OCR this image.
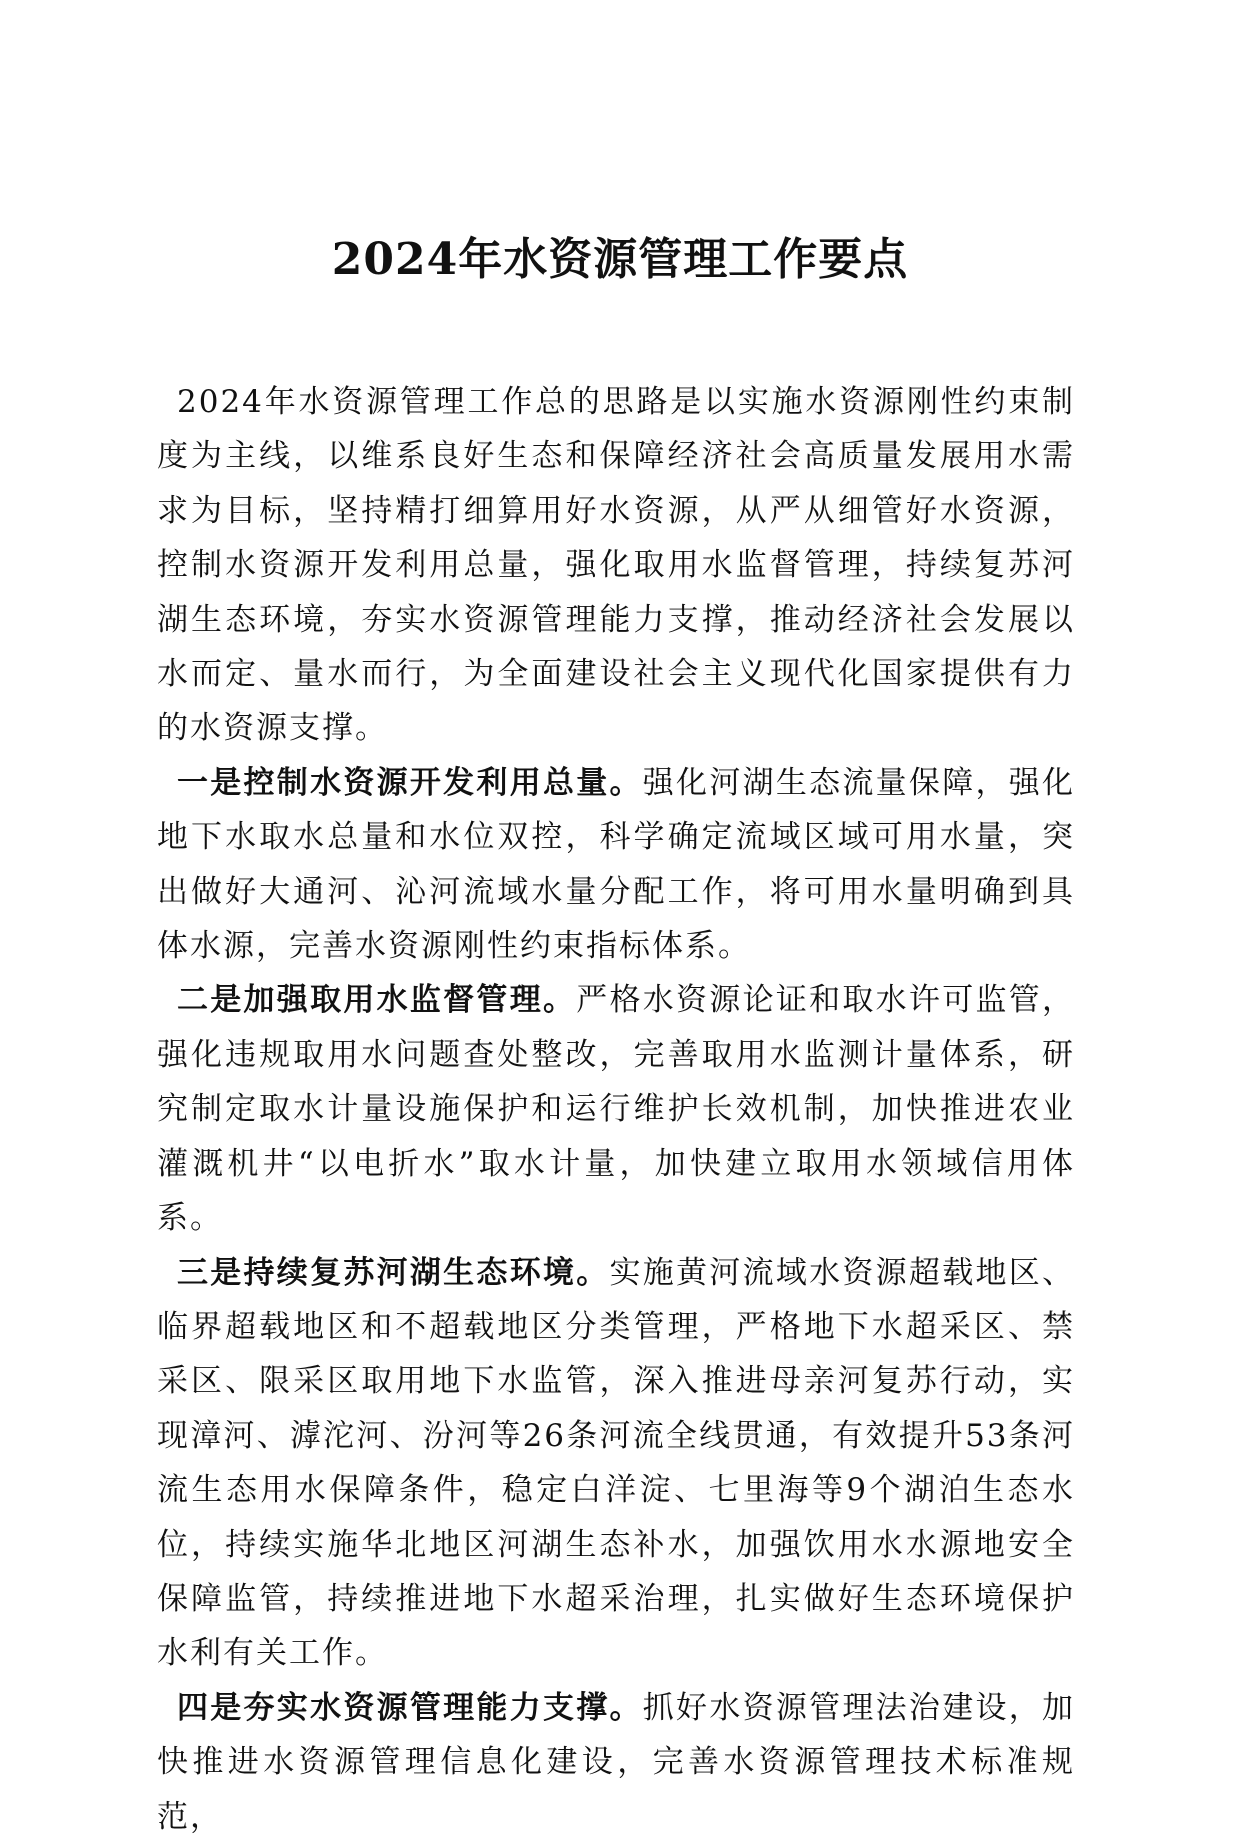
2024年水资源管理工作要点

2024年水资源管理工作总的思路是以实施水资源刚性约束制度为主线，以维系良好生态和保障经济社会高质量发展用水需求为目标，坚持精打细算用好水资源，从严从细管好水资源，控制水资源开发利用总量，强化取用水监督管理，持续复苏河湖生态环境，夯实水资源管理能力支撑，推动经济社会发展以水而定、量水而行，为全面建设社会主义现代化国家提供有力的水资源支撑。

一是控制水资源开发利用总量。强化河湖生态流量保障，强化地下水取水总量和水位双控，科学确定流域区域可用水量，突出做好大通河、沁河流域水量分配工作，将可用水量明确到具体水源，完善水资源刚性约束指标体系。

二是加强取用水监督管理。严格水资源论证和取水许可监管，强化违规取用水问题查处整改，完善取用水监测计量体系，研究制定取水计量设施保护和运行维护长效机制，加快推进农业灌溉机井“以电折水”取水计量，加快建立取用水领域信用体系。

三是持续复苏河湖生态环境。实施黄河流域水资源超载地区、临界超载地区和不超载地区分类管理，严格地下水超采区、禁采区、限采区取用地下水监管，深入推进母亲河复苏行动，实现漳河、滹沱河、汾河等26条河流全线贯通，有效提升53条河流生态用水保障条件，稳定白洋淀、七里海等9个湖泊生态水位，持续实施华北地区河湖生态补水，加强饮用水水源地安全保障监管，持续推进地下水超采治理，扎实做好生态环境保护水利有关工作。

四是夯实水资源管理能力支撑。抓好水资源管理法治建设，加快推进水资源管理信息化建设，完善水资源管理技术标准规范，
